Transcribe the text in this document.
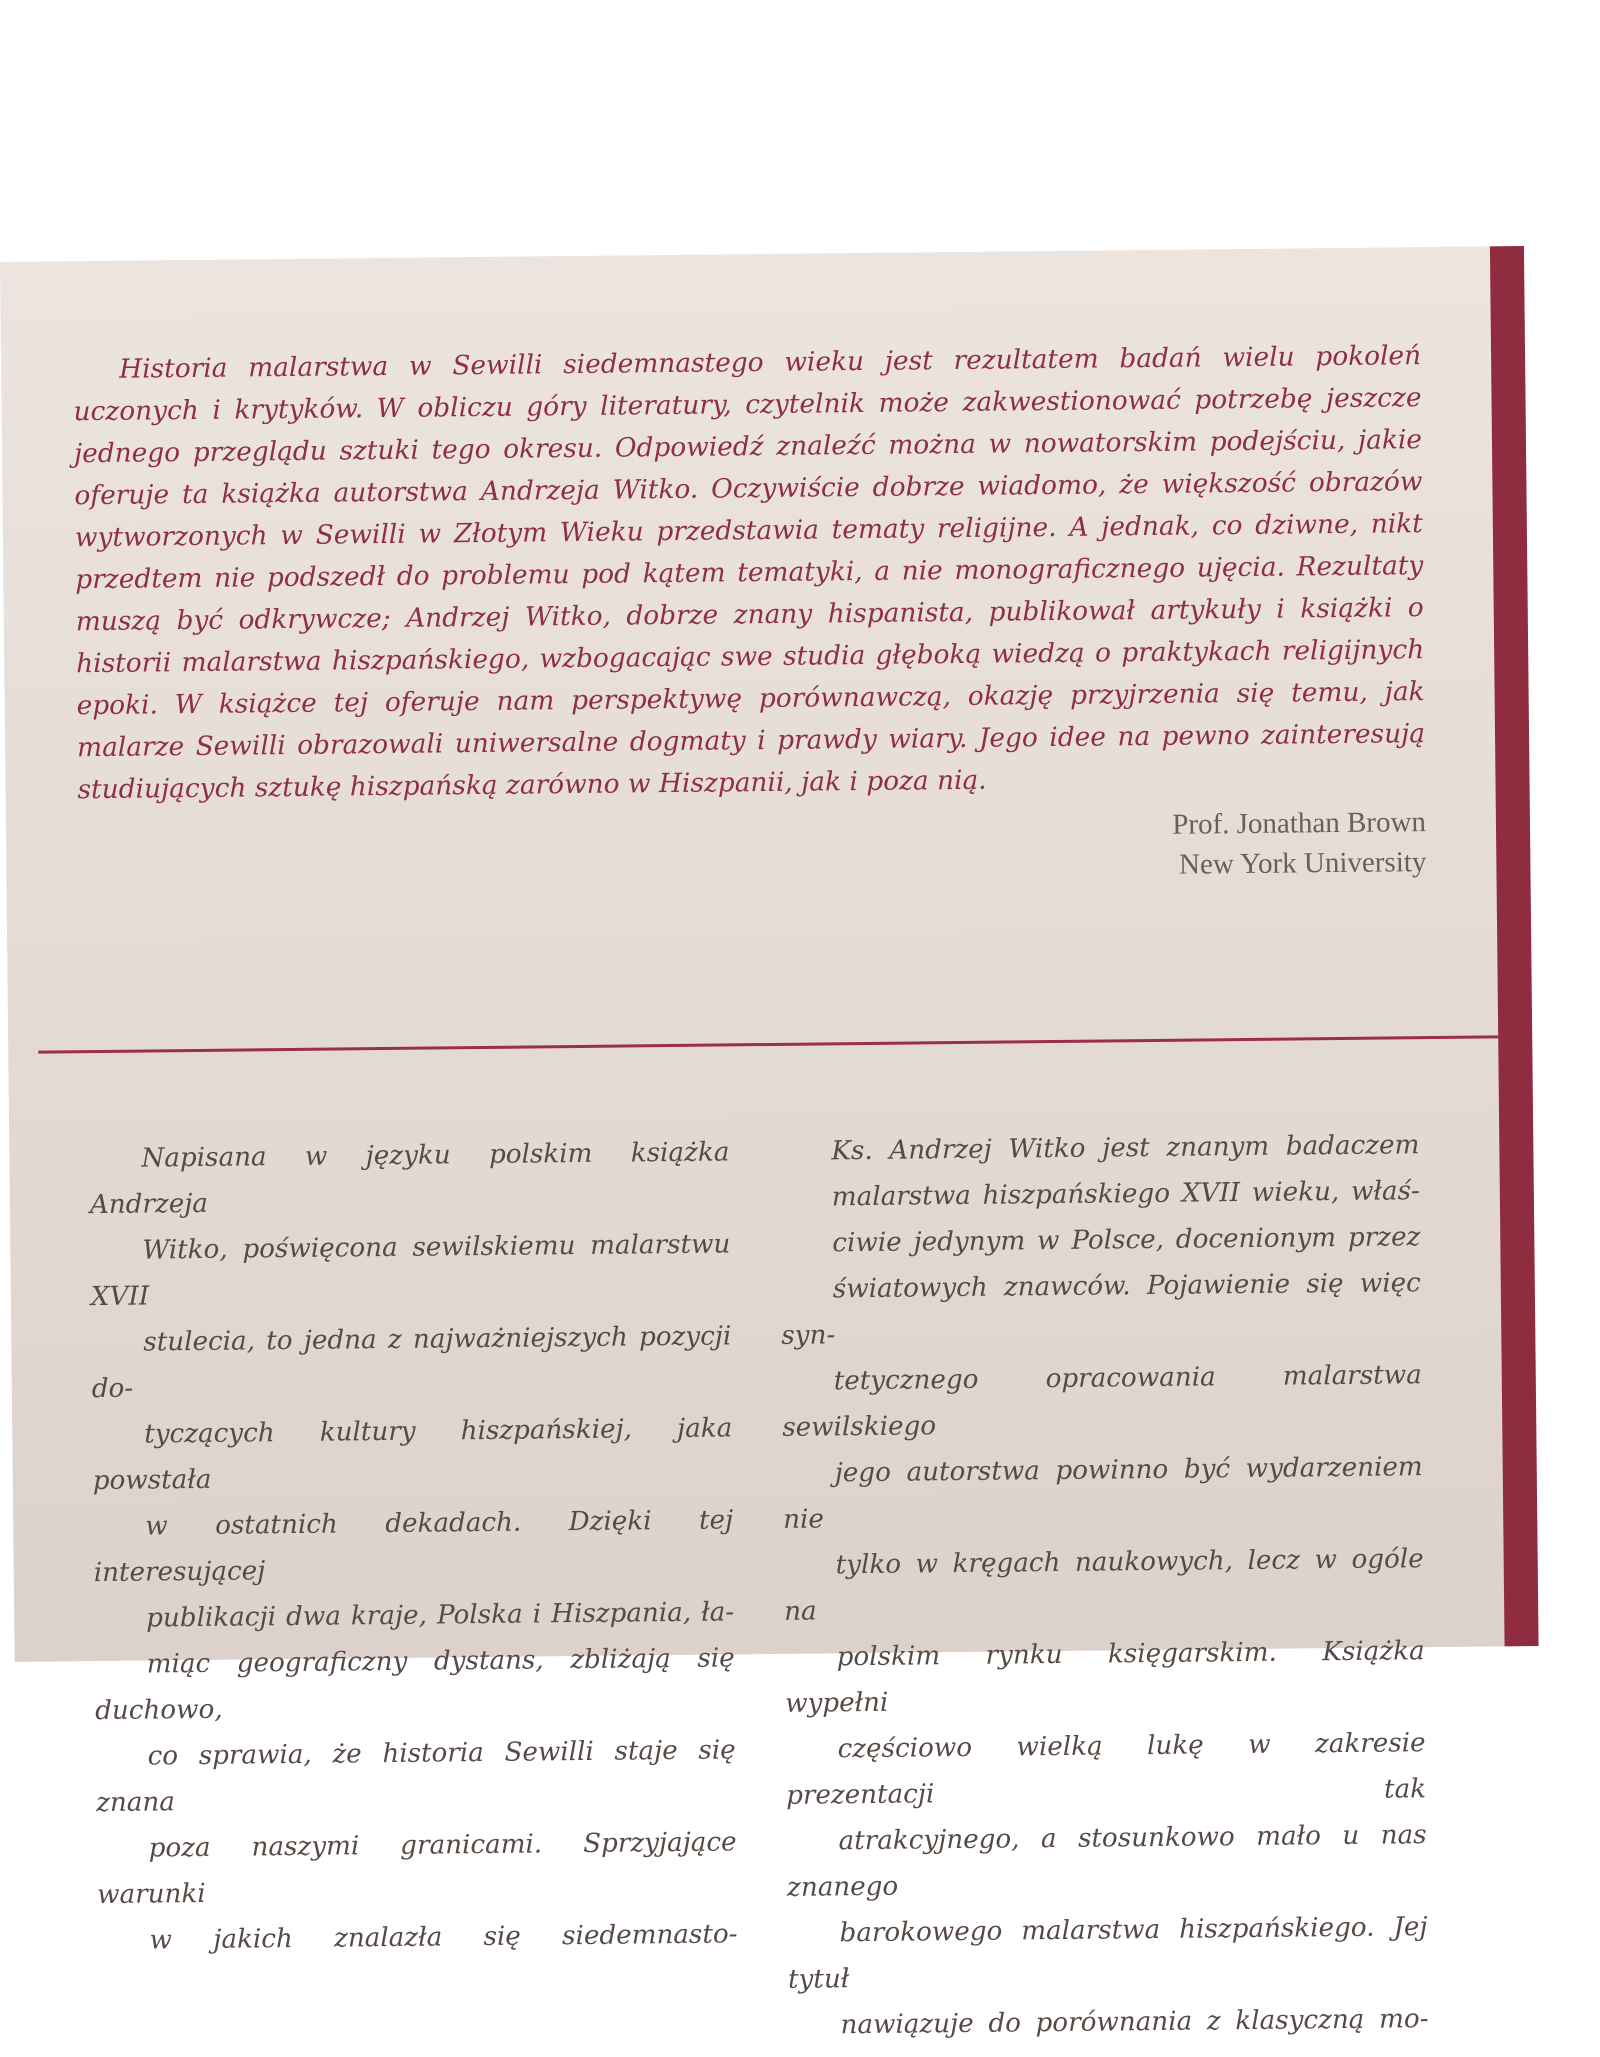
Historia malarstwa w Sewilli siedemnastego wieku jest rezultatem badań wielu pokoleń uczonych i krytyków. W obliczu góry literatury, czytelnik może zakwestionować potrzebę jeszcze jednego przeglądu sztuki tego okresu. Odpowiedź znaleźć można w nowatorskim podejściu, jakie oferuje ta książka autorstwa Andrzeja Witko. Oczywiście dobrze wiadomo, że większość obrazów wytworzonych w Sewilli w Złotym Wieku przedstawia tematy religijne. A jednak, co dziwne, nikt przedtem nie podszedł do problemu pod kątem tematyki, a nie monograficznego ujęcia. Rezultaty muszą być odkrywcze; Andrzej Witko, dobrze znany hispanista, publikował artykuły i książki o historii malarstwa hiszpańskiego, wzbogacając swe studia głęboką wiedzą o praktykach religijnych epoki. W książce tej oferuje nam perspektywę porównawczą, okazję przyjrzenia się temu, jak malarze Sewilli obrazowali uniwersalne dogmaty i prawdy wiary. Jego idee na pewno zainteresują studiujących sztukę hiszpańską zarówno w Hiszpanii, jak i poza nią.

Prof. Jonathan Brown
New York University

Napisana w języku polskim książka Andrzeja
Witko, poświęcona sewilskiemu malarstwu XVII
stulecia, to jedna z najważniejszych pozycji do-
tyczących kultury hiszpańskiej, jaka powstała
w ostatnich dekadach. Dzięki tej interesującej
publikacji dwa kraje, Polska i Hiszpania, ła-
miąc geograficzny dystans, zbliżają się duchowo,
co sprawia, że historia Sewilli staje się znana
poza naszymi granicami. Sprzyjające warunki
w jakich znalazła się siedemnasto-

Ks. Andrzej Witko jest znanym badaczem
malarstwa hiszpańskiego XVII wieku, właś-
ciwie jedynym w Polsce, docenionym przez
światowych znawców. Pojawienie się więc syn-
tetycznego opracowania malarstwa sewilskiego
jego autorstwa powinno być wydarzeniem nie
tylko w kręgach naukowych, lecz w ogóle na
polskim rynku księgarskim. Książka wypełni
częściowo wielką lukę w zakresie prezentacji tak
atrakcyjnego, a stosunkowo mało u nas znanego
barokowego malarstwa hiszpańskiego. Jej tytuł
nawiązuje do porównania z klasyczną mo-
